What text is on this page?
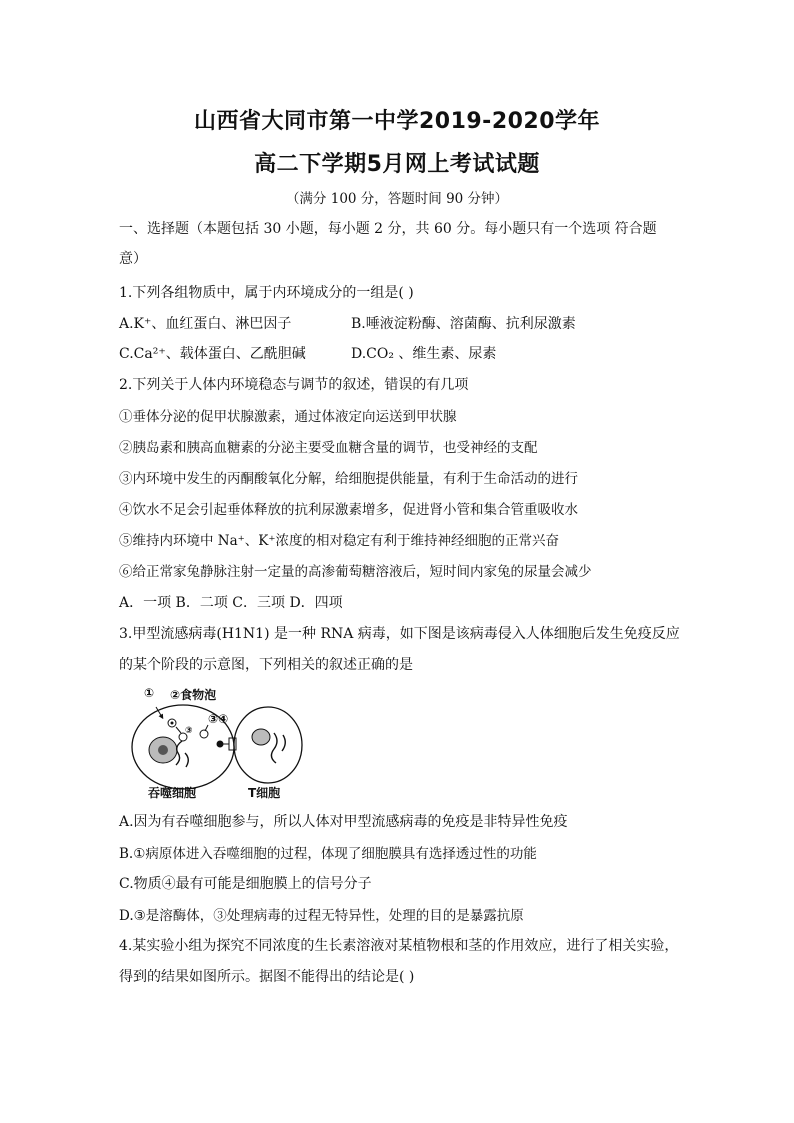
山西省大同市第一中学2019-2020学年
高二下学期5月网上考试试题
（满分 100 分，答题时间 90 分钟）
一、选择题（本题包括 30 小题，每小题 2 分，共 60 分。每小题只有一个选项 符合题
意）
1.下列各组物质中，属于内环境成分的一组是( )
A.K⁺、血红蛋白、淋巴因子	B.唾液淀粉酶、溶菌酶、抗利尿激素
C.Ca²⁺、载体蛋白、乙酰胆碱	D.CO₂ 、维生素、尿素
2.下列关于人体内环境稳态与调节的叙述，错误的有几项
①垂体分泌的促甲状腺激素，通过体液定向运送到甲状腺
②胰岛素和胰高血糖素的分泌主要受血糖含量的调节，也受神经的支配
③内环境中发生的丙酮酸氧化分解，给细胞提供能量，有利于生命活动的进行
④饮水不足会引起垂体释放的抗利尿激素增多，促进肾小管和集合管重吸收水
⑤维持内环境中 Na⁺、K⁺浓度的相对稳定有利于维持神经细胞的正常兴奋
⑥给正常家兔静脉注射一定量的高渗葡萄糖溶液后，短时间内家兔的尿量会减少
A．一项 B．二项 C．三项 D．四项
3.甲型流感病毒(H1N1) 是一种 RNA 病毒，如下图是该病毒侵入人体细胞后发生免疫反应
的某个阶段的示意图，下列相关的叙述正确的是
① ②食物泡
③④
③
吞噬细胞	T细胞
A.因为有吞噬细胞参与，所以人体对甲型流感病毒的免疫是非特异性免疫
B.①病原体进入吞噬细胞的过程，体现了细胞膜具有选择透过性的功能
C.物质④最有可能是细胞膜上的信号分子
D.③是溶酶体，③处理病毒的过程无特异性，处理的目的是暴露抗原
4.某实验小组为探究不同浓度的生长素溶液对某植物根和茎的作用效应，进行了相关实验，
得到的结果如图所示。据图不能得出的结论是( )
